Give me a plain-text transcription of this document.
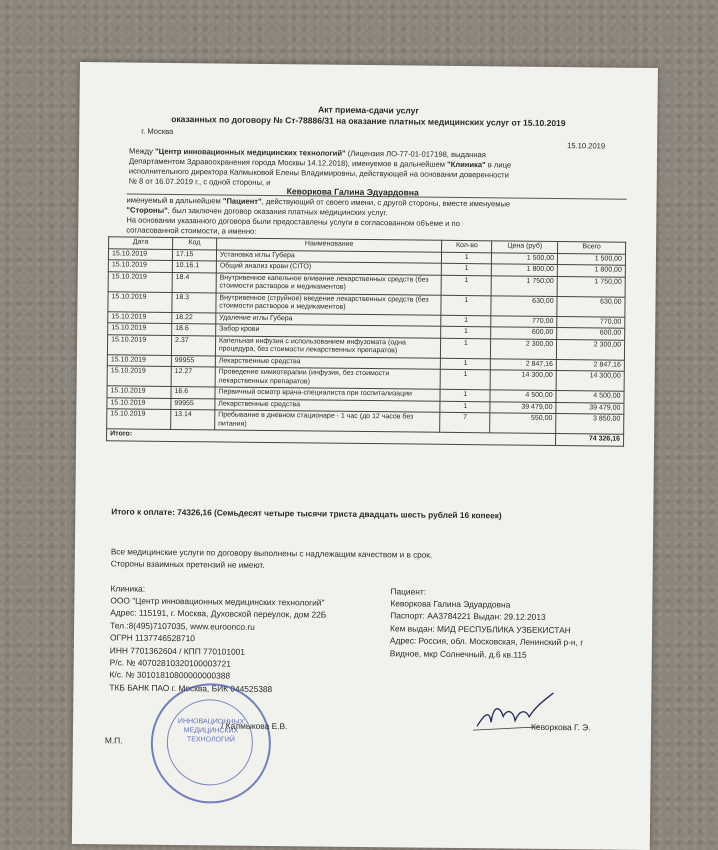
Акт приема-сдачи услуг
оказанных по договору № Ст-78886/31 на оказание платных медицинских услуг от 15.10.2019
г. Москва
15.10.2019
Между "Центр инновационных медицинских технологий" (Лицензия ЛО-77-01-017198, выданная
Департаментом Здравоохранения города Москвы 14.12.2018), именуемое в дальнейшем "Клиника" в лице
исполнительного директора Калмыковой Елены Владимировны, действующей на основании доверенности
№ 8 от 16.07.2019 г., с одной стороны, и
Кеворкова Галина Эдуардовна
именуемый в дальнейшем "Пациент", действующий от своего имени, с другой стороны, вместе именуемые
"Стороны", был заключен договор оказания платных медицинских услуг.
На основании указанного договора были предоставлены услуги в согласованном объеме и по
согласованной стоимости, а именно:
Дата	Код	Наименование	Кол-во	Цена (руб)	Всего
15.10.2019	17.15	Установка иглы Губера	1	1 500,00	1 500,00
15.10.2019	10.16.1	Общий анализ крови (CITO)	1	1 800,00	1 800,00
15.10.2019	18.4	Внутривенное капельное вливание лекарственных средств (без стоимости растворов и медикаментов)	1	1 750,00	1 750,00
15.10.2019	18.3	Внутривенное (струйное) введение лекарственных средств (без стоимости растворов и медикаментов)	1	630,00	630,00
15.10.2019	18.22	Удаление иглы Губера	1	770,00	770,00
15.10.2019	18.6	Забор крови	1	600,00	600,00
15.10.2019	2.37	Капельная инфузия с использованием инфузомата (одна процедура, без стоимости лекарственных препаратов)	1	2 300,00	2 300,00
15.10.2019	99955	Лекарственные средства	1	2 847,16	2 847,16
15.10.2019	12.27	Проведение химиотерапии (инфузия, без стоимости лекарственных препаратов)	1	14 300,00	14 300,00
15.10.2019	16.6	Первичный осмотр врача-специалиста при госпитализации	1	4 500,00	4 500,00
15.10.2019	99955	Лекарственные средства	1	39 479,00	39 479,00
15.10.2019	13.14	Пребывание в дневном стационаре - 1 час (до 12 часов без питания)	7	550,00	3 850,00
Итого:					74 326,16
Итого к оплате: 74326,16 (Семьдесят четыре тысячи триста двадцать шесть рублей 16 копеек)
Все медицинские услуги по договору выполнены с надлежащим качеством и в срок.
Стороны взаимных претензий не имеют.
Клиника:
ООО "Центр инновационных медицинских технологий"
Адрес: 115191, г. Москва, Духовской переулок, дом 22Б
Тел.:8(495)7107035, www.euroonco.ru
ОГРН 1137746528710
ИНН 7701362604 / КПП 770101001
Р/с. № 40702810320100003721
К/с. № 30101810800000000388
ТКБ БАНК ПАО г. Москва, БИК 044525388
ИННОВАЦИОННЫХ МЕДИЦИНСКИХ ТЕХНОЛОГИЙ
М.П.
/ Калмыкова Е.В.
Пациент:
Кеворкова Галина Эдуардовна
Паспорт: АА3784221 Выдан: 29.12.2013
Кем выдан: МИД РЕСПУБЛИКА УЗБЕКИСТАН
Адрес: Россия, обл. Московская, Ленинский р-н, г
Видное, мкр Солнечный, д.6 кв.115
Кеворкова Г. Э.
